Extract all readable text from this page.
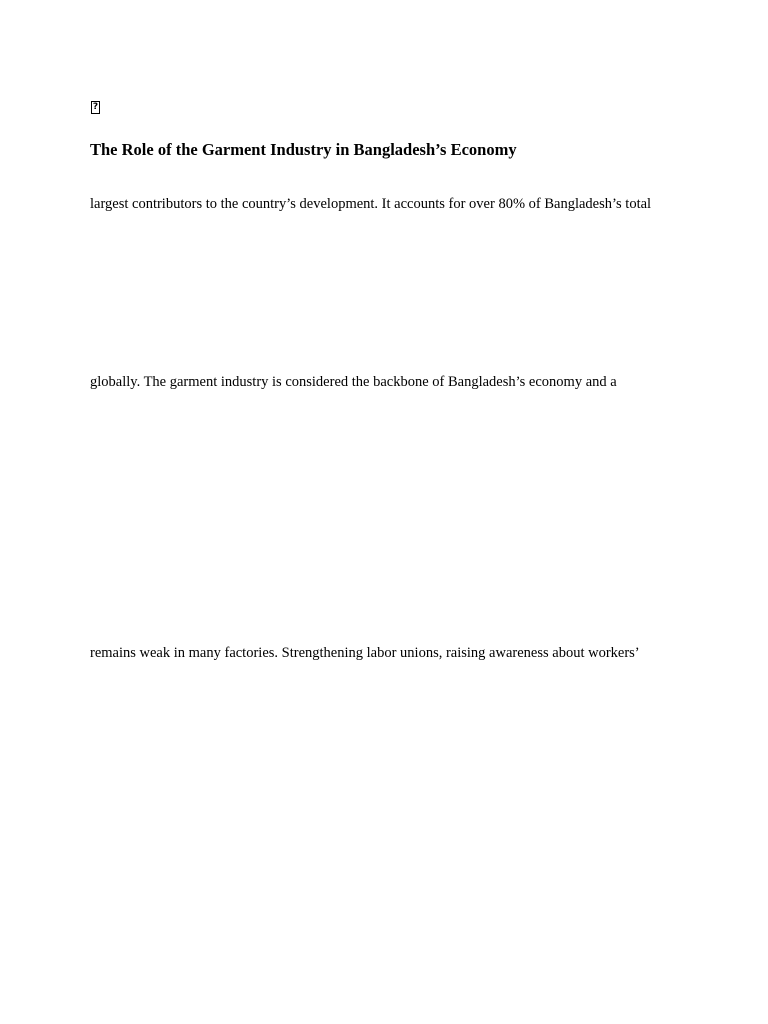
?
The Role of the Garment Industry in Bangladesh’s Economy

largest contributors to the country’s development. It accounts for over 80% of Bangladesh’s total

globally. The garment industry is considered the backbone of Bangladesh’s economy and a

remains weak in many factories. Strengthening labor unions, raising awareness about workers’
